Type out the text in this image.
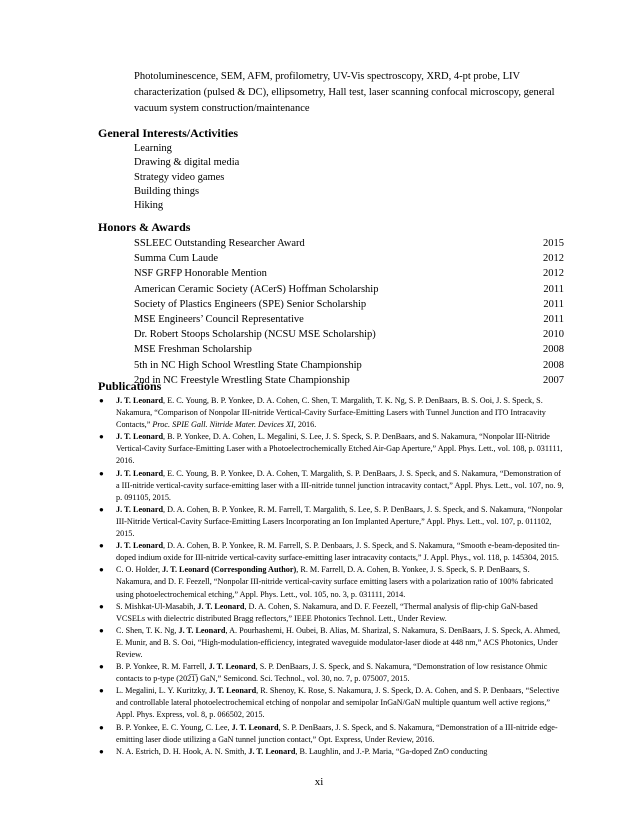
Photoluminescence, SEM, AFM, profilometry, UV-Vis spectroscopy, XRD, 4-pt probe, LIV characterization (pulsed & DC), ellipsometry, Hall test, laser scanning confocal microscopy, general vacuum system construction/maintenance
General Interests/Activities
Learning
Drawing & digital media
Strategy video games
Building things
Hiking
Honors & Awards
SSLEEC Outstanding Researcher Award	2015
Summa Cum Laude	2012
NSF GRFP Honorable Mention	2012
American Ceramic Society (ACerS) Hoffman Scholarship	2011
Society of Plastics Engineers (SPE) Senior Scholarship	2011
MSE Engineers’ Council Representative	2011
Dr. Robert Stoops Scholarship (NCSU MSE Scholarship)	2010
MSE Freshman Scholarship	2008
5th in NC High School Wrestling State Championship	2008
2nd in NC Freestyle Wrestling State Championship	2007
Publications
●	J. T. Leonard, E. C. Young, B. P. Yonkee, D. A. Cohen, C. Shen, T. Margalith, T. K. Ng, S. P. DenBaars, B. S. Ooi, J. S. Speck, S. Nakamura, “Comparison of Nonpolar III-nitride Vertical-Cavity Surface-Emitting Lasers with Tunnel Junction and ITO Intracavity Contacts,” Proc. SPIE Gall. Nitride Mater. Devices XI, 2016.
●	J. T. Leonard, B. P. Yonkee, D. A. Cohen, L. Megalini, S. Lee, J. S. Speck, S. P. DenBaars, and S. Nakamura, “Nonpolar III-Nitride Vertical-Cavity Surface-Emitting Laser with a Photoelectrochemically Etched Air-Gap Aperture,” Appl. Phys. Lett., vol. 108, p. 031111, 2016.
●	J. T. Leonard, E. C. Young, B. P. Yonkee, D. A. Cohen, T. Margalith, S. P. DenBaars, J. S. Speck, and S. Nakamura, “Demonstration of a III-nitride vertical-cavity surface-emitting laser with a III-nitride tunnel junction intracavity contact,” Appl. Phys. Lett., vol. 107, no. 9, p. 091105, 2015.
●	J. T. Leonard, D. A. Cohen, B. P. Yonkee, R. M. Farrell, T. Margalith, S. Lee, S. P. DenBaars, J. S. Speck, and S. Nakamura, “Nonpolar III-Nitride Vertical-Cavity Surface-Emitting Lasers Incorporating an Ion Implanted Aperture,” Appl. Phys. Lett., vol. 107, p. 011102, 2015.
●	J. T. Leonard, D. A. Cohen, B. P. Yonkee, R. M. Farrell, S. P. Denbaars, J. S. Speck, and S. Nakamura, “Smooth e-beam-deposited tin-doped indium oxide for III-nitride vertical-cavity surface-emitting laser intracavity contacts,” J. Appl. Phys., vol. 118, p. 145304, 2015.
●	C. O. Holder, J. T. Leonard (Corresponding Author), R. M. Farrell, D. A. Cohen, B. Yonkee, J. S. Speck, S. P. DenBaars, S. Nakamura, and D. F. Feezell, “Nonpolar III-nitride vertical-cavity surface emitting lasers with a polarization ratio of 100% fabricated using photoelectrochemical etching,” Appl. Phys. Lett., vol. 105, no. 3, p. 031111, 2014.
●	S. Mishkat-Ul-Masabih, J. T. Leonard, D. A. Cohen, S. Nakamura, and D. F. Feezell, “Thermal analysis of flip-chip GaN-based VCSELs with dielectric distributed Bragg reflectors,” IEEE Photonics Technol. Lett., Under Review.
●	C. Shen, T. K. Ng, J. T. Leonard, A. Pourhashemi, H. Oubei, B. Alias, M. Sharizal, S. Nakamura, S. DenBaars, J. S. Speck, A. Ahmed, E. Munir, and B. S. Ooi, “High-modulation-efficiency, integrated waveguide modulator-laser diode at 448 nm,” ACS Photonics, Under Review.
●	B. P. Yonkee, R. M. Farrell, J. T. Leonard, S. P. DenBaars, J. S. Speck, and S. Nakamura, “Demonstration of low resistance Ohmic contacts to p-type (202̅1̅) GaN,” Semicond. Sci. Technol., vol. 30, no. 7, p. 075007, 2015.
●	L. Megalini, L. Y. Kuritzky, J. T. Leonard, R. Shenoy, K. Rose, S. Nakamura, J. S. Speck, D. A. Cohen, and S. P. Denbaars, “Selective and controllable lateral photoelectrochemical etching of nonpolar and semipolar InGaN/GaN multiple quantum well active regions,” Appl. Phys. Express, vol. 8, p. 066502, 2015.
●	B. P. Yonkee, E. C. Young, C. Lee, J. T. Leonard, S. P. DenBaars, J. S. Speck, and S. Nakamura, “Demonstration of a III-nitride edge-emitting laser diode utilizing a GaN tunnel junction contact,” Opt. Express, Under Review, 2016.
●	N. A. Estrich, D. H. Hook, A. N. Smith, J. T. Leonard, B. Laughlin, and J.-P. Maria, “Ga-doped ZnO conducting
xi
